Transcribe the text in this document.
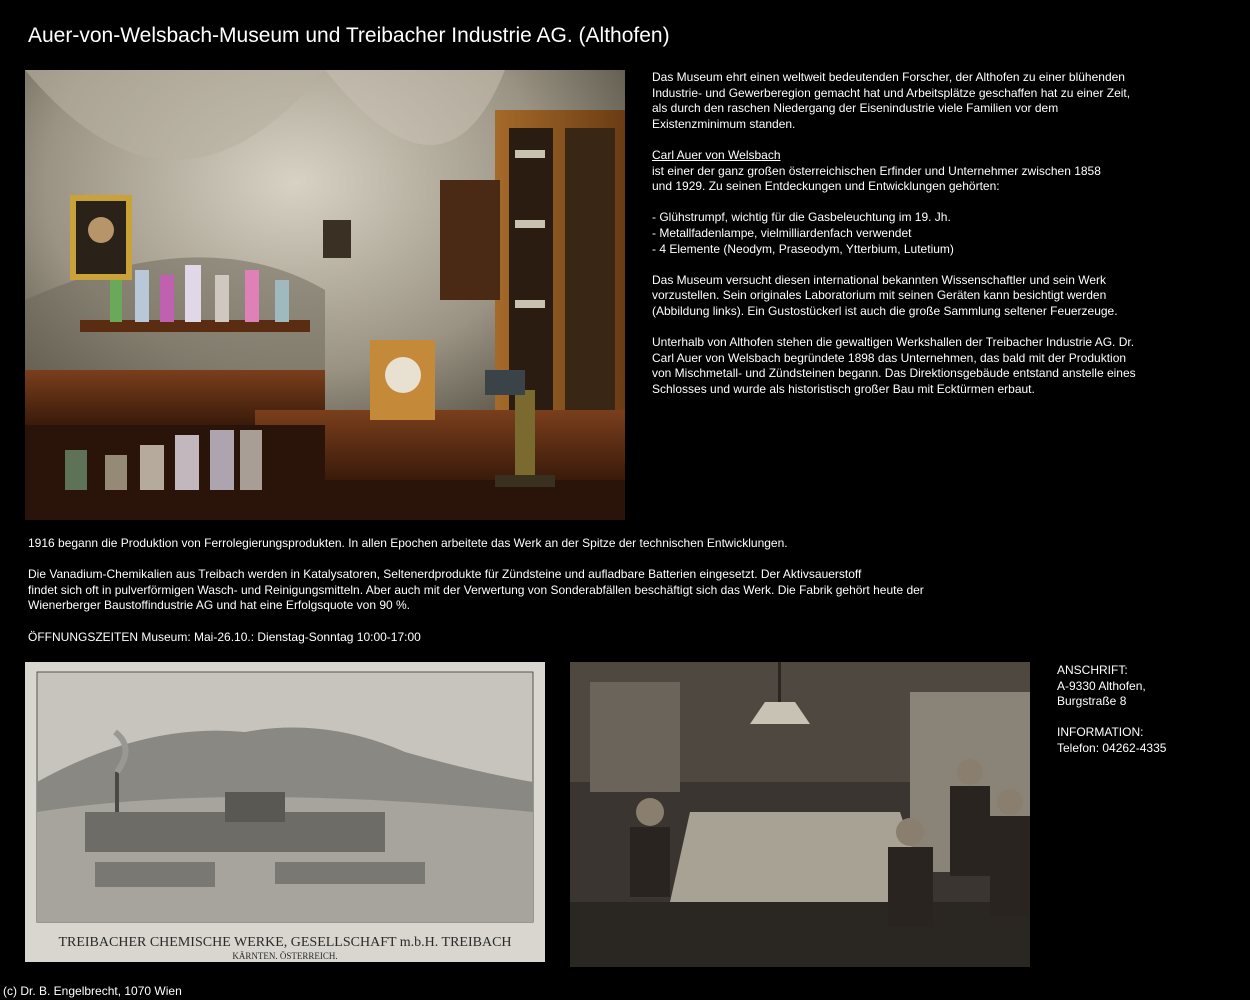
Auer-von-Welsbach-Museum und Treibacher Industrie AG. (Althofen)
Das Museum ehrt einen weltweit bedeutenden Forscher, der Althofen zu einer blühenden
Industrie- und Gewerberegion gemacht hat und Arbeitsplätze geschaffen hat zu einer Zeit,
als durch den raschen Niedergang der Eisenindustrie viele Familien vor dem
Existenzminimum standen.
Carl Auer von Welsbach
ist einer der ganz großen österreichischen Erfinder und Unternehmer zwischen 1858
und 1929. Zu seinen Entdeckungen und Entwicklungen gehörten:
- Glühstrumpf, wichtig für die Gasbeleuchtung im 19. Jh.
- Metallfadenlampe, vielmilliardenfach verwendet
- 4 Elemente (Neodym, Praseodym, Ytterbium, Lutetium)
Das Museum versucht diesen international bekannten Wissenschaftler und sein Werk
vorzustellen. Sein originales Laboratorium mit seinen Geräten kann besichtigt werden
(Abbildung links). Ein Gustostückerl ist auch die große Sammlung seltener Feuerzeuge.
Unterhalb von Althofen stehen die gewaltigen Werkshallen der Treibacher Industrie AG. Dr.
Carl Auer von Welsbach begründete 1898 das Unternehmen, das bald mit der Produktion
von Mischmetall- und Zündsteinen begann. Das Direktionsgebäude entstand anstelle eines
Schlosses und wurde als historistisch großer Bau mit Ecktürmen erbaut.
1916 begann die Produktion von Ferrolegierungsprodukten. In allen Epochen arbeitete das Werk an der Spitze der technischen Entwicklungen.
Die Vanadium-Chemikalien aus Treibach werden in Katalysatoren, Seltenerdprodukte für Zündsteine und aufladbare Batterien eingesetzt. Der Aktivsauerstoff
findet sich oft in pulverförmigen Wasch- und Reinigungsmitteln. Aber auch mit der Verwertung von Sonderabfällen beschäftigt sich das Werk. Die Fabrik gehört heute der
Wienerberger Baustoffindustrie AG und hat eine Erfolgsquote von 90 %.
ÖFFNUNGSZEITEN Museum: Mai-26.10.: Dienstag-Sonntag 10:00-17:00
TREIBACHER CHEMISCHE WERKE, GESELLSCHAFT m.b.H. TREIBACH
KÄRNTEN. ÖSTERREICH.
ANSCHRIFT:
A-9330 Althofen,
Burgstraße 8
INFORMATION:
Telefon: 04262-4335
(c) Dr. B. Engelbrecht, 1070 Wien
